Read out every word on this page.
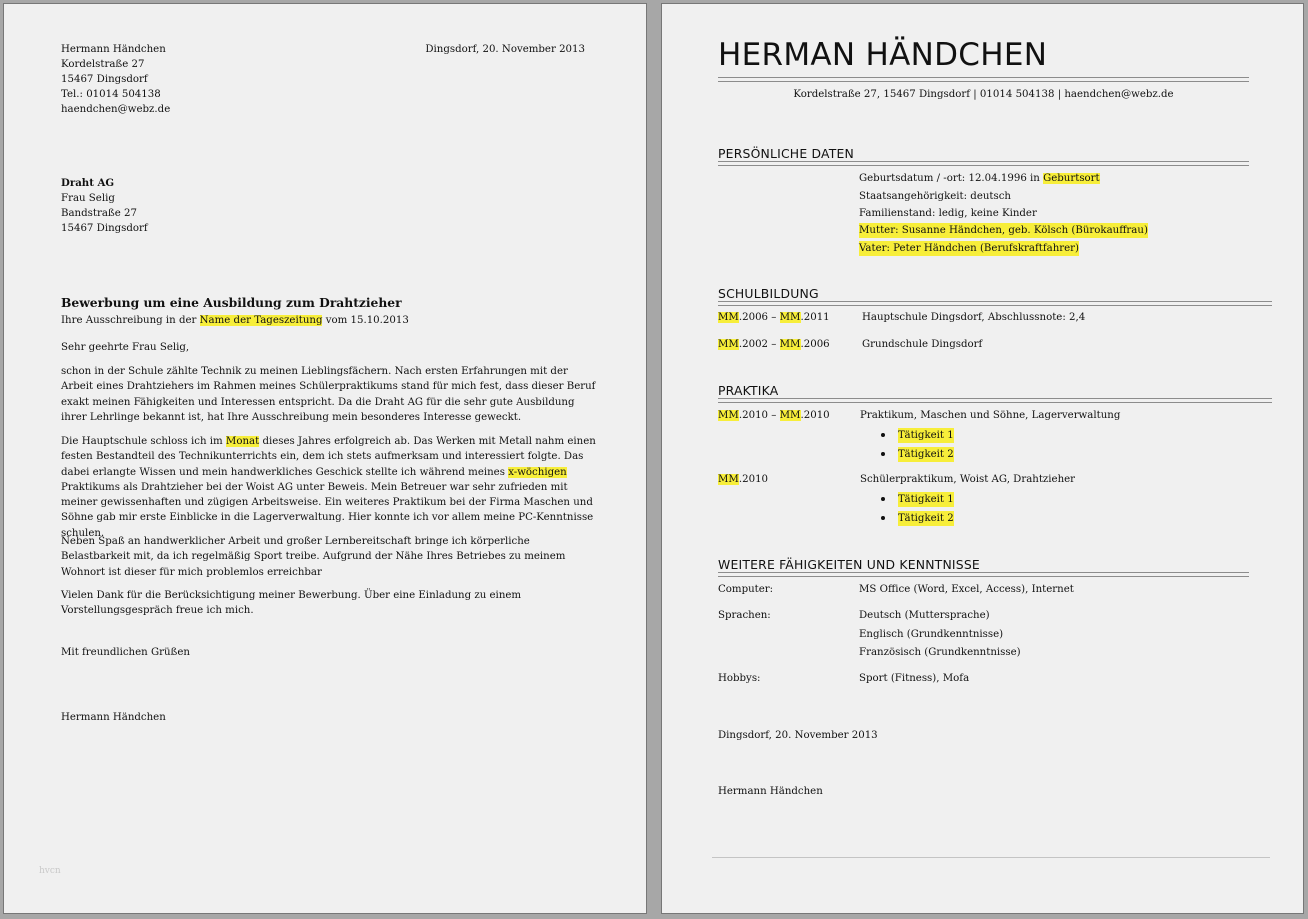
Hermann Händchen
Kordelstraße 27
15467 Dingsdorf
Tel.: 01014 504138
haendchen@webz.de
Dingsdorf, 20. November 2013
Draht AG
Frau Selig
Bandstraße 27
15467 Dingsdorf
Bewerbung um eine Ausbildung zum Drahtzieher
Ihre Ausschreibung in der Name der Tageszeitung vom 15.10.2013
Sehr geehrte Frau Selig,
schon in der Schule zählte Technik zu meinen Lieblingsfächern. Nach ersten Erfahrungen mit der Arbeit eines Drahtziehers im Rahmen meines Schülerpraktikums stand für mich fest, dass dieser Beruf exakt meinen Fähigkeiten und Interessen entspricht. Da die Draht AG für die sehr gute Ausbildung ihrer Lehrlinge bekannt ist, hat Ihre Ausschreibung mein besonderes Interesse geweckt.
Die Hauptschule schloss ich im Monat dieses Jahres erfolgreich ab. Das Werken mit Metall nahm einen festen Bestandteil des Technikunterrichts ein, dem ich stets aufmerksam und interessiert folgte. Das dabei erlangte Wissen und mein handwerkliches Geschick stellte ich während meines x-wöchigen Praktikums als Drahtzieher bei der Woist AG unter Beweis. Mein Betreuer war sehr zufrieden mit meiner gewissenhaften und zügigen Arbeitsweise. Ein weiteres Praktikum bei der Firma Maschen und Söhne gab mir erste Einblicke in die Lagerverwaltung. Hier konnte ich vor allem meine PC-Kenntnisse schulen.
Neben Spaß an handwerklicher Arbeit und großer Lernbereitschaft bringe ich körperliche Belastbarkeit mit, da ich regelmäßig Sport treibe. Aufgrund der Nähe Ihres Betriebes zu meinem Wohnort ist dieser für mich problemlos erreichbar
Vielen Dank für die Berücksichtigung meiner Bewerbung. Über eine Einladung zu einem Vorstellungsgespräch freue ich mich.
Mit freundlichen Grüßen
Hermann Händchen
hvcn
HERMAN HÄNDCHEN
Kordelstraße 27, 15467 Dingsdorf | 01014 504138 | haendchen@webz.de
PERSÖNLICHE DATEN
Geburtsdatum / -ort: 12.04.1996 in Geburtsort
Staatsangehörigkeit: deutsch
Familienstand: ledig, keine Kinder
Mutter: Susanne Händchen, geb. Kölsch (Bürokauffrau)
Vater: Peter Händchen (Berufskraftfahrer)
SCHULBILDUNG
MM.2006 – MM.2011	Hauptschule Dingsdorf, Abschlussnote: 2,4
MM.2002 – MM.2006	Grundschule Dingsdorf
PRAKTIKA
MM.2010 – MM.2010	Praktikum, Maschen und Söhne, Lagerverwaltung
Tätigkeit 1
Tätigkeit 2
MM.2010	Schülerpraktikum, Woist AG, Drahtzieher
Tätigkeit 1
Tätigkeit 2
WEITERE FÄHIGKEITEN UND KENNTNISSE
Computer:	MS Office (Word, Excel, Access), Internet
Sprachen:	Deutsch (Muttersprache)
Englisch (Grundkenntnisse)
Französisch (Grundkenntnisse)
Hobbys:	Sport (Fitness), Mofa
Dingsdorf, 20. November 2013
Hermann Händchen
